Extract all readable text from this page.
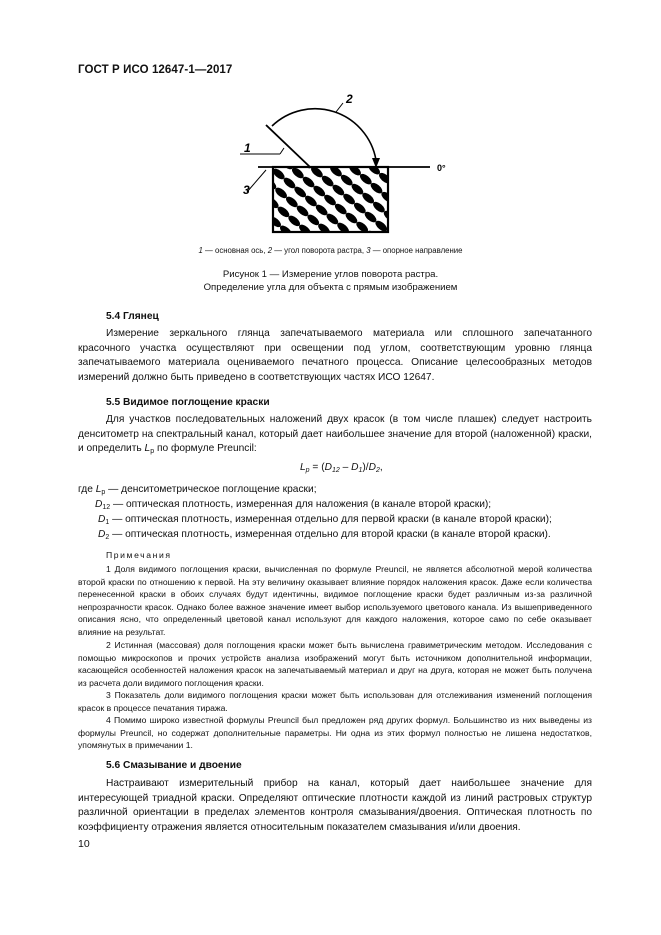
ГОСТ Р ИСО 12647-1—2017
1
2
3
0°
1 — основная ось, 2 — угол поворота растра, 3 — опорное направление
Рисунок 1 — Измерение углов поворота растра.
Определение угла для объекта с прямым изображением
5.4 Глянец
Измерение зеркального глянца запечатываемого материала или сплошного запечатанного красочного участка осуществляют при освещении под углом, соответствующим уровню глянца запечатываемого материала оцениваемого печатного процесса. Описание целесообразных методов измерений должно быть приведено в соответствующих частях ИСО 12647.
5.5 Видимое поглощение краски
Для участков последовательных наложений двух красок (в том числе плашек) следует настроить денситометр на спектральный канал, который дает наибольшее значение для второй (наложенной) краски, и определить $L_p$ по формуле Preuncil:
$L_p = (D_{12} - D_1)/D_2$,
где $L_p$ — денситометрическое поглощение краски;
$D_{12}$ — оптическая плотность, измеренная для наложения (в канале второй краски);
$D_1$ — оптическая плотность, измеренная отдельно для первой краски (в канале второй краски);
$D_2$ — оптическая плотность, измеренная отдельно для второй краски (в канале второй краски).
Примечания
1 Доля видимого поглощения краски, вычисленная по формуле Preuncil, не является абсолютной мерой количества второй краски по отношению к первой. На эту величину оказывает влияние порядок наложения красок. Даже если количества перенесенной краски в обоих случаях будут идентичны, видимое поглощение краски будет различным из-за различной непрозрачности красок. Однако более важное значение имеет выбор используемого цветового канала. Из вышеприведенного описания ясно, что определенный цветовой канал используют для каждого наложения, которое само по себе оказывает влияние на результат.
2 Истинная (массовая) доля поглощения краски может быть вычислена гравиметрическим методом. Исследования с помощью микроскопов и прочих устройств анализа изображений могут быть источником дополнительной информации, касающейся особенностей наложения красок на запечатываемый материал и друг на друга, которая не может быть получена из расчета доли видимого поглощения краски.
3 Показатель доли видимого поглощения краски может быть использован для отслеживания изменений поглощения красок в процессе печатания тиража.
4 Помимо широко известной формулы Preuncil был предложен ряд других формул. Большинство из них выведены из формулы Preuncil, но содержат дополнительные параметры. Ни одна из этих формул полностью не лишена недостатков, упомянутых в примечании 1.
5.6 Смазывание и двоение
Настраивают измерительный прибор на канал, который дает наибольшее значение для интересующей триадной краски. Определяют оптические плотности каждой из линий растровых структур различной ориентации в пределах элементов контроля смазывания/двоения. Оптическая плотность по коэффициенту отражения является относительным показателем смазывания и/или двоения.
10
